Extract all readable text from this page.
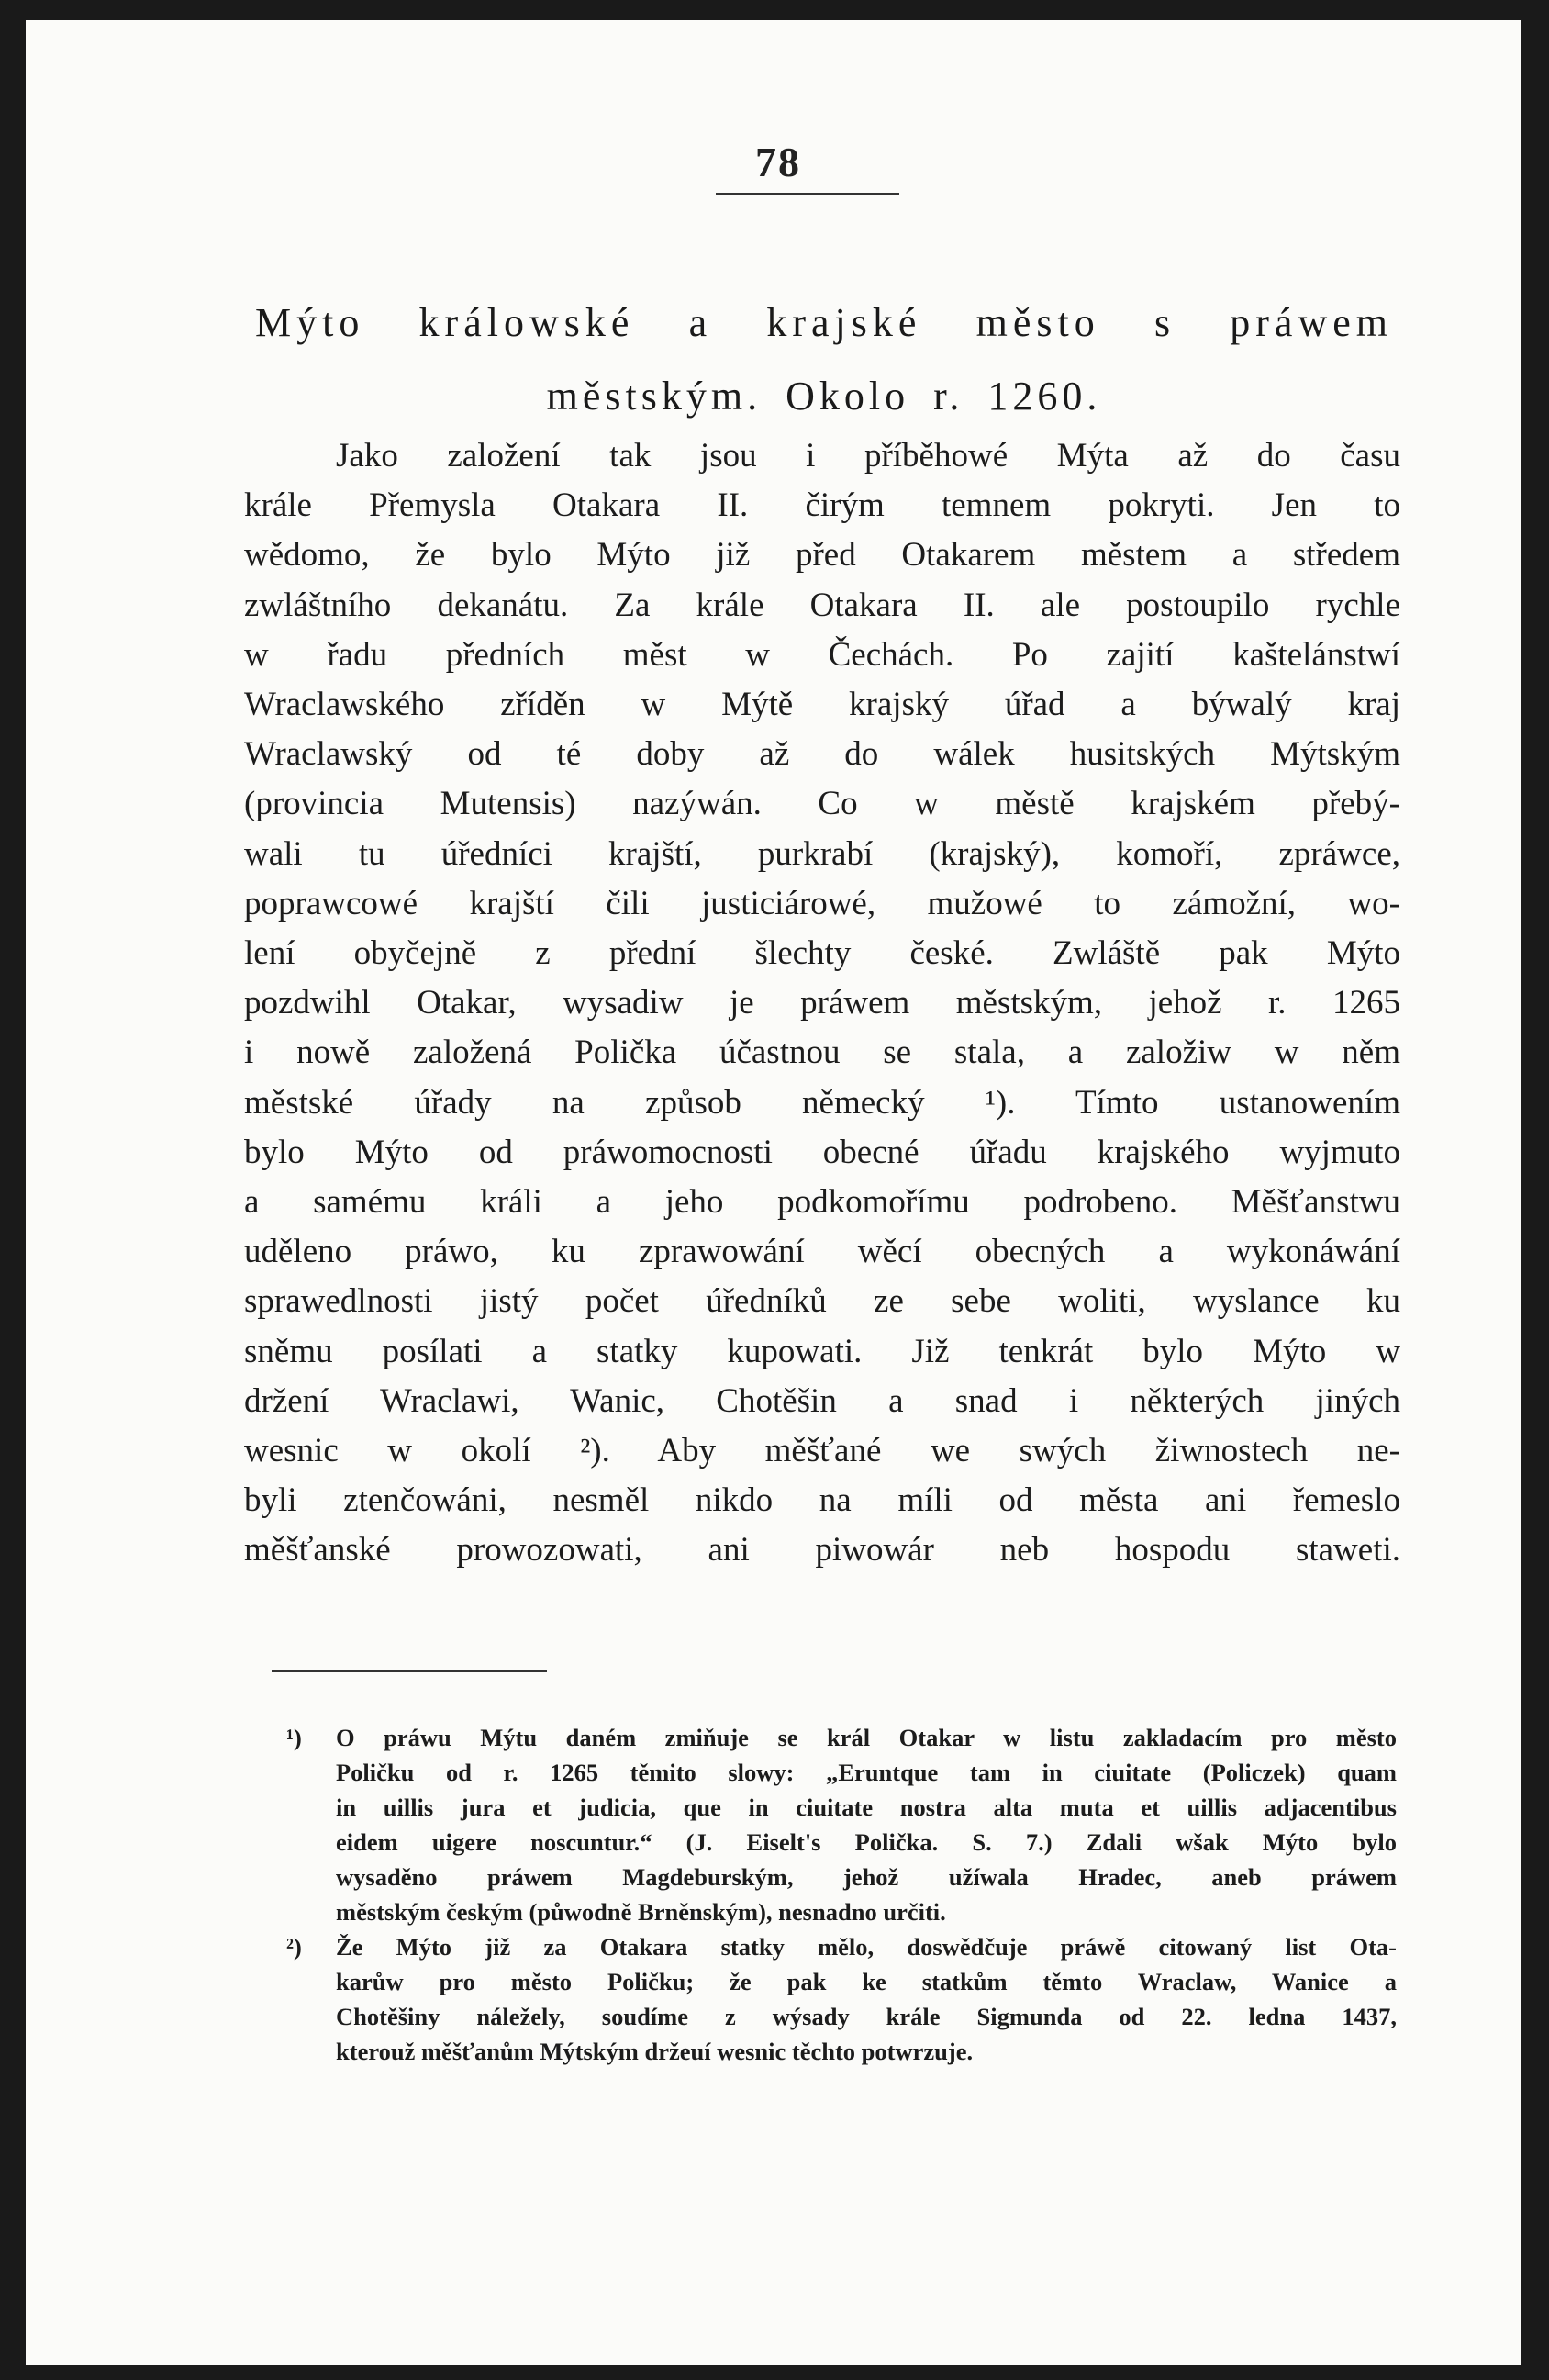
78
Mýto králowské a krajské město s práwem
městským. Okolo r. 1260.
Jako založení tak jsou i příběhowé Mýta až do času
krále Přemysla Otakara II. čirým temnem pokryti. Jen to
wědomo, že bylo Mýto již před Otakarem městem a středem
zwláštního dekanátu. Za krále Otakara II. ale postoupilo rychle
w řadu předních měst w Čechách. Po zajití kaštelánstwí
Wraclawského zříděn w Mýtě krajský úřad a býwalý kraj
Wraclawský od té doby až do wálek husitských Mýtským
(provincia Mutensis) nazýwán. Co w městě krajském přebý-
wali tu úředníci krajští, purkrabí (krajský), komoří, zpráwce,
poprawcowé krajští čili justiciárowé, mužowé to zámožní, wo-
lení obyčejně z přední šlechty české. Zwláště pak Mýto
pozdwihl Otakar, wysadiw je práwem městským, jehož r. 1265
i nowě založená Polička účastnou se stala, a založiw w něm
městské úřady na způsob německý ¹). Tímto ustanowením
bylo Mýto od práwomocnosti obecné úřadu krajského wyjmuto
a samému králi a jeho podkomořímu podrobeno. Měšťanstwu
uděleno práwo, ku zprawowání wěcí obecných a wykonáwání
sprawedlnosti jistý počet úředníků ze sebe woliti, wyslance ku
sněmu posílati a statky kupowati. Již tenkrát bylo Mýto w
držení Wraclawi, Wanic, Chotěšin a snad i některých jiných
wesnic w okolí ²). Aby měšťané we swých žiwnostech ne-
byli ztenčowáni, nesměl nikdo na míli od města ani řemeslo
měšťanské prowozowati, ani piwowár neb hospodu staweti.
¹)	O práwu Mýtu daném zmiňuje se král Otakar w listu zakladacím pro město
Poličku od r. 1265 těmito slowy: „Eruntque tam in ciuitate (Policzek) quam
in uillis jura et judicia, que in ciuitate nostra alta muta et uillis adjacentibus
eidem uigere noscuntur.“ (J. Eiselt's Polička. S. 7.) Zdali wšak Mýto bylo
wysaděno práwem Magdeburským, jehož užíwala Hradec, aneb práwem
městským českým (půwodně Brněnským), nesnadno určiti.
²)	Že Mýto již za Otakara statky mělo, doswědčuje práwě citowaný list Ota-
karůw pro město Poličku; že pak ke statkům těmto Wraclaw, Wanice a
Chotěšiny náležely, soudíme z wýsady krále Sigmunda od 22. ledna 1437,
kterouž měšťanům Mýtským držeuí wesnic těchto potwrzuje.
